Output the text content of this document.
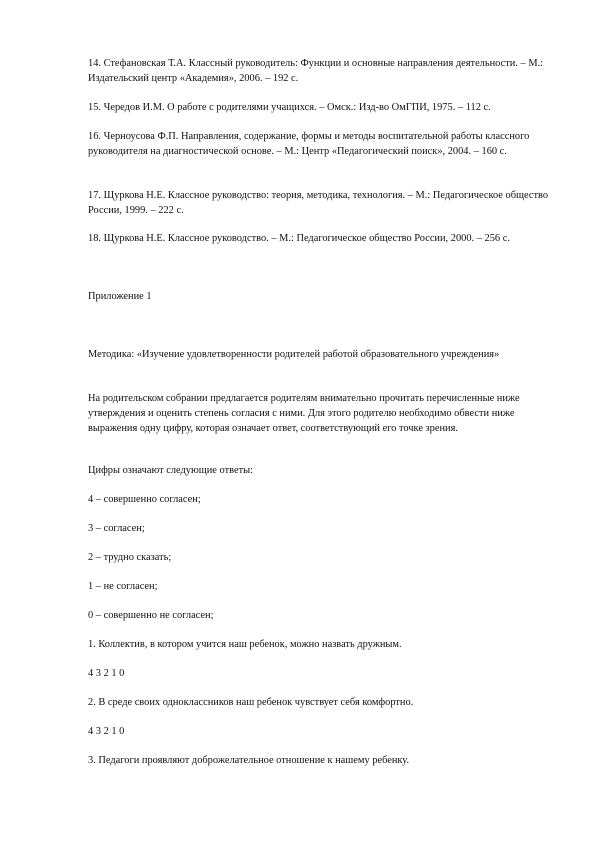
14. Стефановская Т.А. Классный руководитель: Функции и основные направления деятельности. – М.: Издательский центр «Академия», 2006. – 192 с.

15. Чередов И.М. О работе с родителями учащихся. – Омск.: Изд-во ОмГПИ, 1975. – 112 с.

16. Черноусова Ф.П. Направления, содержание, формы и методы воспитательной работы классного руководителя на диагностической основе. – М.: Центр «Педагогический поиск», 2004. – 160 с.

17. Щуркова Н.Е. Классное руководство: теория, методика, технология. – М.: Педагогическое общество России, 1999. – 222 с.

18. Щуркова Н.Е. Классное руководство. – М.: Педагогическое общество России, 2000. – 256 с.

Приложение 1

Методика: «Изучение удовлетворенности родителей работой образовательного учреждения»

На родительском собрании предлагается родителям внимательно прочитать перечисленные ниже утверждения и оценить степень согласия с ними. Для этого родителю необходимо обвести ниже выражения одну цифру, которая означает ответ, соответствующий его точке зрения.

Цифры означают следующие ответы:

4 – совершенно согласен;

3 – согласен;

2 – трудно сказать;

1 – не согласен;

0 – совершенно не согласен;

1. Коллектив, в котором учится наш ребенок, можно назвать дружным.

4 3 2 1 0

2. В среде своих одноклассников наш ребенок чувствует себя комфортно.

4 3 2 1 0

3. Педагоги проявляют доброжелательное отношение к нашему ребенку.
